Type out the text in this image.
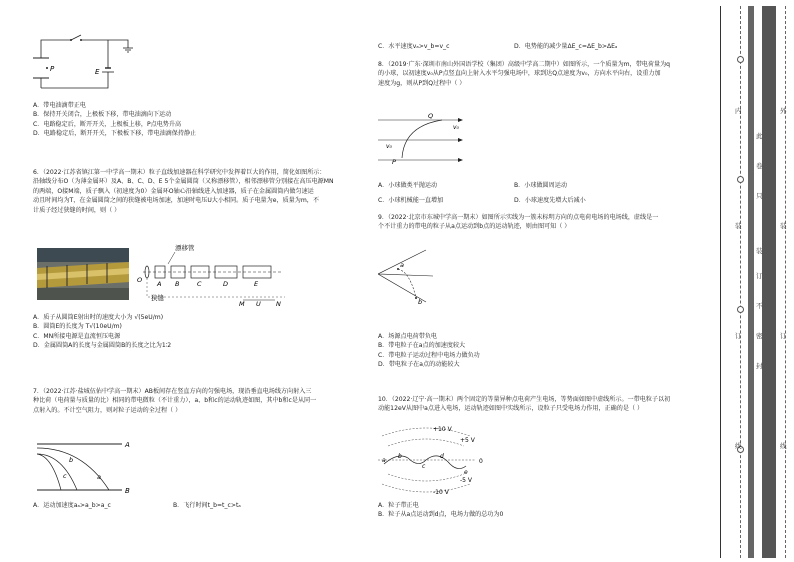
P	E

A．带电油滴带正电

B．保持开关闭合，上极板下移，带电油滴向下运动

C．电路稳定后，断开开关，上极板上移，P点电势升高

D．电路稳定后，断开开关，下极板下移，带电油滴保持静止

6．（2022·江苏省镇江第一中学高一期末）粒子直线加速器在科学研究中发挥着巨大的作用，简化如图所示：

沿轴线分布O（为薄金属环）及A、B、C、D、E 5个金属圆筒（又称漂移管），相邻漂移管分别接在高压电源MN

的两端，O接M端，质子飘入（初速度为0）金属环O轴心沿轴线进入加速器，质子在金属圆筒内做匀速运

动且时间均为T，在金属圆筒之间的狭缝被电场加速，加速时电压U大小相同。质子电量为e，质量为m，不

计质子经过狭缝的时间，则（ ）

漂移管
O A B	C	D	E
狭缝
M U N

A．质子从圆筒E射出时的速度大小为 √(5eU/m)

B．圆筒E的长度为 T√(10eU/m)

C．MN所接电源是直流恒压电源

D．金属圆筒A的长度与金属圆筒B的长度之比为1∶2

7．（2022·江苏·盐城伍佑中学高一期末）AB板间存在竖直方向的匀强电场，现沿垂直电场线方向射入三

种比荷（电荷量与质量的比）相同的带电微粒（不计重力），a、b和c的运动轨迹如图，其中b和c是从同一

点射入的。不计空气阻力，则对粒子运动的全过程（ ）

A
B
a
b
c

A．运动加速度aₐ>a_b>a_c	B．飞行时间t_b=t_c>tₐ

C．水平速度vₐ>v_b=v_c	D．电势能的减少量ΔE_c=ΔE_b>ΔEₐ

8．（2019·广东·深圳市南山外国语学校（集团）高级中学高二期中）如图所示，一个质量为m，带电荷量为q

的小球，以初速度v₀从P点竖直向上射入水平匀强电场中，球到达Q点速度为v₀，方向水平向右，设重力加

速度为g，则从P到Q过程中（ ）

Q
v₀
v₀
P

A．小球做类平抛运动	B．小球做圆周运动

C．小球机械能一直增加	D．小球速度先增大后减小

9．（2022·北京市东城中学高一期末）如图所示实线为一簇未标明方向的点电荷电场的电场线，虚线是一

个不计重力的带电的粒子从a点运动到b点的运动轨迹，则由图可知（ ）

a
b

A．场源点电荷带负电

B．带电粒子在a点的加速度较大

C．带电粒子运动过程中电场力做负功

D．带电粒子在a点的动能较大

10．（2022·辽宁·高一期末）两个固定的等量异种点电荷产生电场，等势面如图中虚线所示。一带电粒子以初

动能12eV从图中a点进入电场，运动轨迹如图中实线所示，设粒子只受电场力作用，正确的是（ ）

+10 V
+5 V
0
-5 V
-10 V
a
b
c
d
e

A．粒子带正电

B．粒子从a点运动到d点，电场力做的总功为0

内
装
订
线
此
卷
只
装
订
不
密
封
外
装
订
线
